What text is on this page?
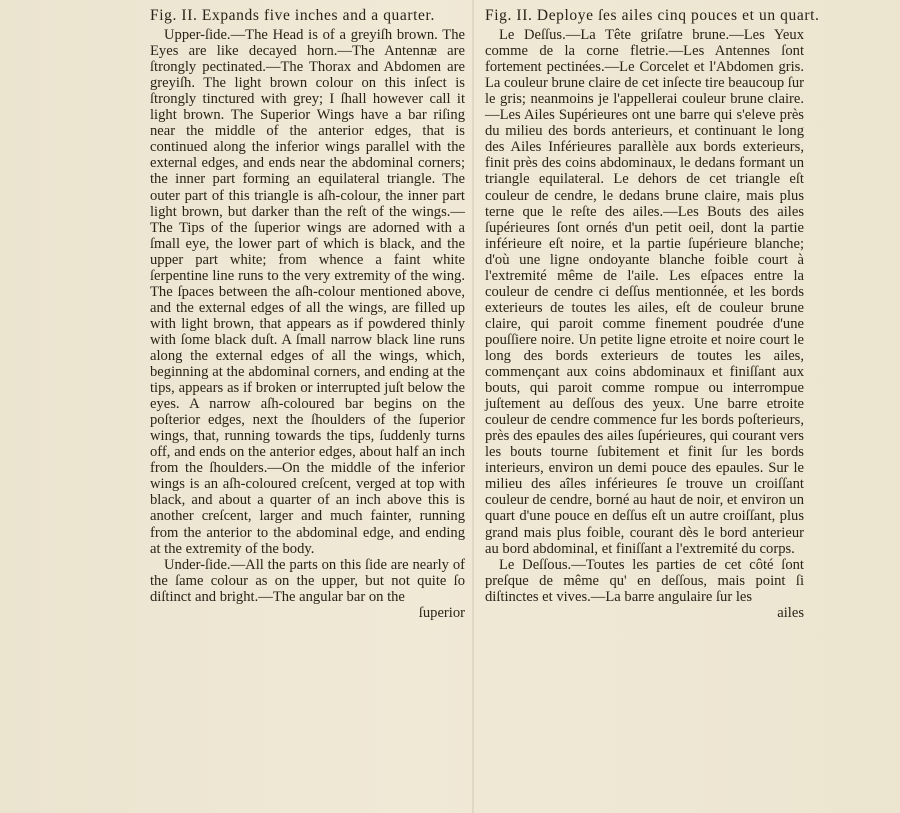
Fig. II. Expands five inches and a quarter.

Upper-ſide.—The Head is of a greyiſh brown. The Eyes are like decayed horn.—The Antennæ are ſtrongly pectinated.—The Thorax and Abdomen are greyiſh. The light brown colour on this inſect is ſtrongly tinctured with grey; I ſhall however call it light brown. The Superior Wings have a bar riſing near the middle of the anterior edges, that is continued along the inferior wings parallel with the external edges, and ends near the abdominal corners; the inner part forming an equilateral triangle. The outer part of this triangle is aſh-colour, the inner part light brown, but darker than the reſt of the wings.—The Tips of the ſuperior wings are adorned with a ſmall eye, the lower part of which is black, and the upper part white; from whence a faint white ſerpentine line runs to the very extremity of the wing. The ſpaces between the aſh-colour mentioned above, and the external edges of all the wings, are filled up with light brown, that appears as if powdered thinly with ſome black duſt. A ſmall narrow black line runs along the external edges of all the wings, which, beginning at the abdominal corners, and ending at the tips, appears as if broken or interrupted juſt below the eyes. A narrow aſh-coloured bar begins on the poſterior edges, next the ſhoulders of the ſuperior wings, that, running towards the tips, ſuddenly turns off, and ends on the anterior edges, about half an inch from the ſhoulders.—On the middle of the inferior wings is an aſh-coloured creſcent, verged at top with black, and about a quarter of an inch above this is another creſcent, larger and much fainter, running from the anterior to the abdominal edge, and ending at the extremity of the body.

Under-ſide.—All the parts on this ſide are nearly of the ſame colour as on the upper, but not quite ſo diſtinct and bright.—The angular bar on the

ſuperior

Fig. II. Deploye ſes ailes cinq pouces et un quart.

Le Deſſus.—La Tête griſatre brune.—Les Yeux comme de la corne fletrie.—Les Antennes ſont fortement pectinées.—Le Corcelet et l'Abdomen gris. La couleur brune claire de cet inſecte tire beaucoup ſur le gris; neanmoins je l'appellerai couleur brune claire.—Les Ailes Supérieures ont une barre qui s'eleve près du milieu des bords anterieurs, et continuant le long des Ailes Inférieures parallèle aux bords exterieurs, finit près des coins abdominaux, le dedans formant un triangle equilateral. Le dehors de cet triangle eſt couleur de cendre, le dedans brune claire, mais plus terne que le reſte des ailes.—Les Bouts des ailes ſupérieures ſont ornés d'un petit oeil, dont la partie inférieure eſt noire, et la partie ſupérieure blanche; d'où une ligne ondoyante blanche foible court à l'extremité même de l'aile. Les eſpaces entre la couleur de cendre ci deſſus mentionnée, et les bords exterieurs de toutes les ailes, eſt de couleur brune claire, qui paroit comme finement poudrée d'une pouſſiere noire. Un petite ligne etroite et noire court le long des bords exterieurs de toutes les ailes, commençant aux coins abdominaux et finiſſant aux bouts, qui paroit comme rompue ou interrompue juſtement au deſſous des yeux. Une barre etroite couleur de cendre commence fur les bords poſterieurs, près des epaules des ailes ſupérieures, qui courant vers les bouts tourne ſubitement et finit ſur les bords interieurs, environ un demi pouce des epaules. Sur le milieu des aîles inférieures ſe trouve un croiſſant couleur de cendre, borné au haut de noir, et environ un quart d'une pouce en deſſus eſt un autre croiſſant, plus grand mais plus foible, courant dès le bord anterieur au bord abdominal, et finiſſant a l'extremité du corps.

Le Deſſous.—Toutes les parties de cet côté ſont preſque de même qu' en deſſous, mais point ſi diſtinctes et vives.—La barre angulaire ſur les

ailes
